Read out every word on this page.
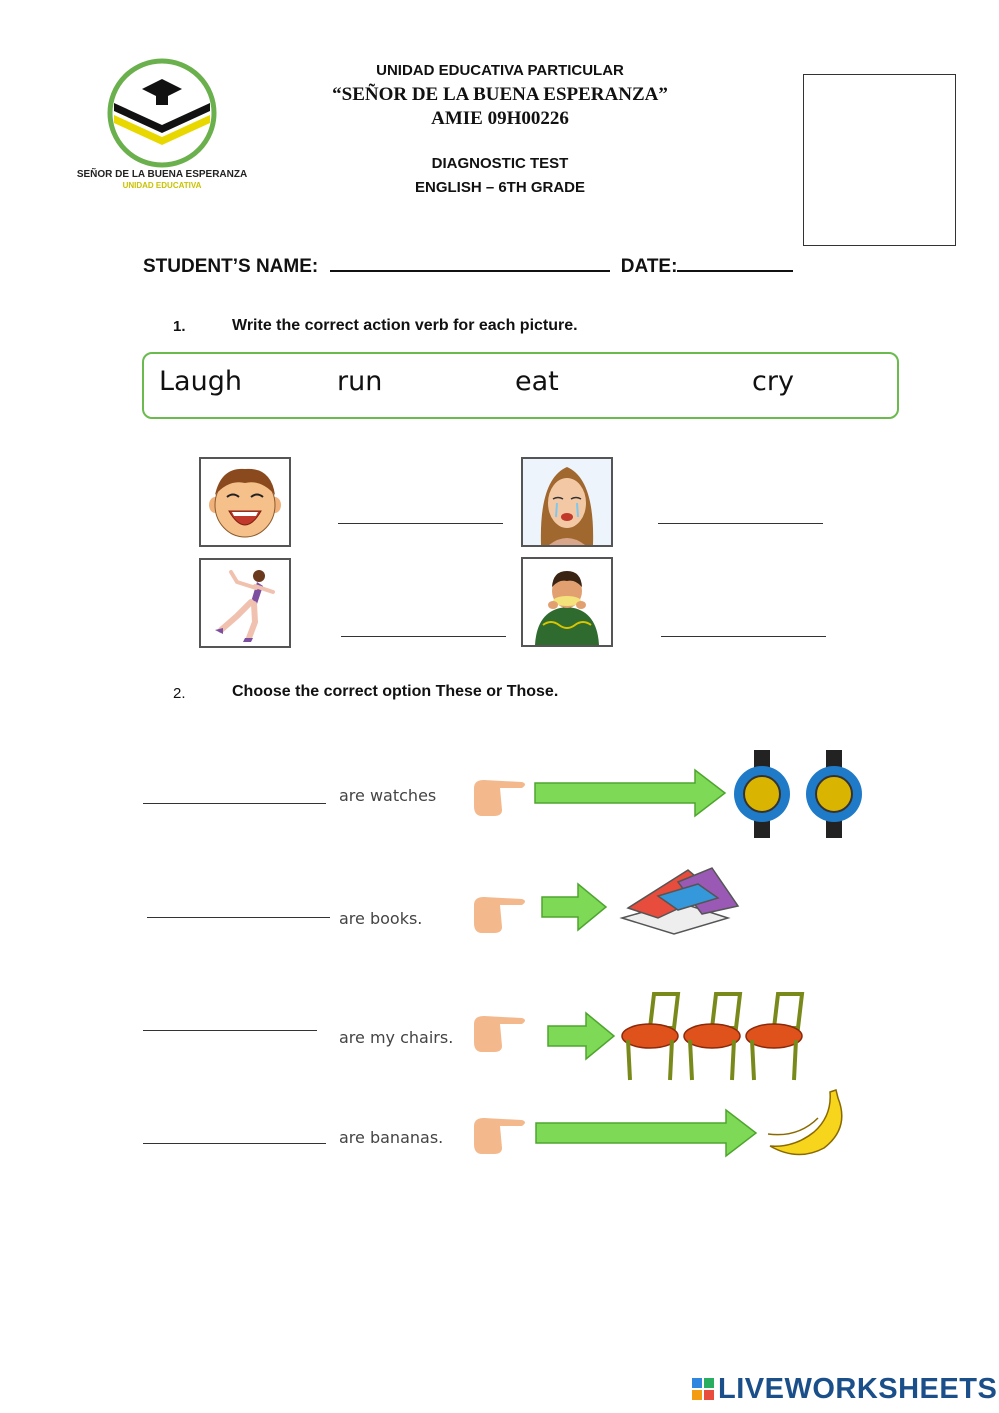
SEÑOR DE LA BUENA ESPERANZA
UNIDAD EDUCATIVA
UNIDAD EDUCATIVA PARTICULAR
“SEÑOR DE LA BUENA ESPERANZA”
AMIE 09H00226
DIAGNOSTIC TEST
ENGLISH – 6TH GRADE
STUDENT’S NAME:	DATE:
1.	Write the correct action verb for each picture.
Laugh	run	eat	cry
2.	Choose the correct option These or Those.
are watches
are books.
are my chairs.
are bananas.
LIVEWORKSHEETS
